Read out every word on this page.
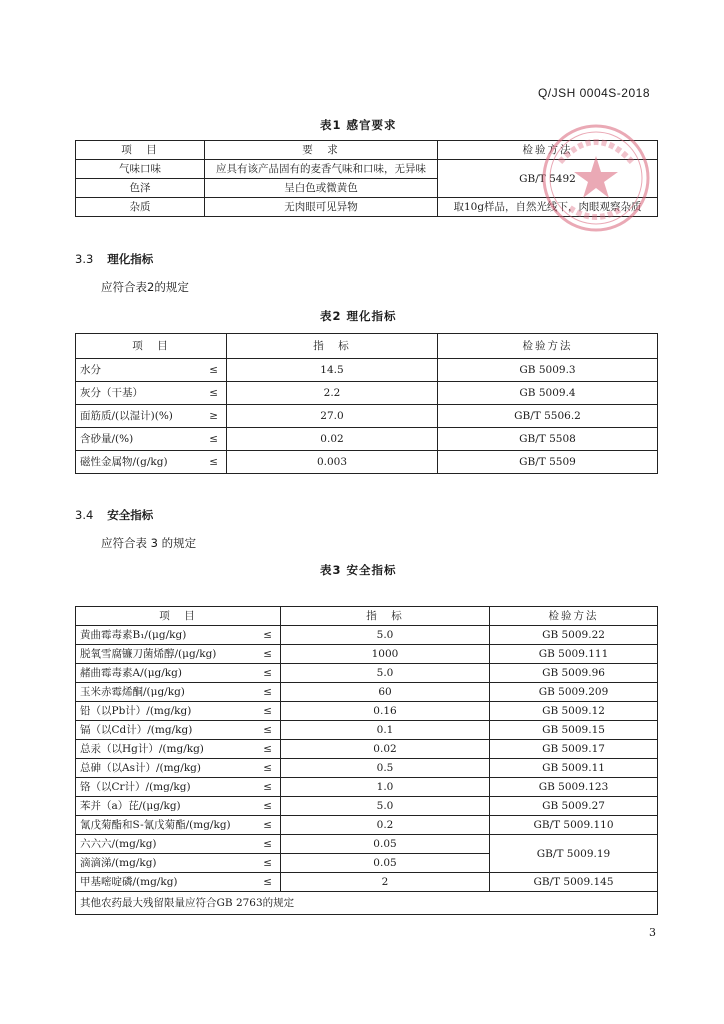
Q/JSH 0004S-2018
表1 感官要求
项　目	要　求	检验方法
气味口味	应具有该产品固有的麦香气味和口味，无异味	GB/T 5492
色泽	呈白色或微黄色	
杂质	无肉眼可见异物	取10g样品，自然光线下，肉眼观察杂质
3.3 理化指标
应符合表2的规定
表2 理化指标
项　目	指　标	检验方法
水分 ≤	14.5	GB 5009.3
灰分（干基） ≤	2.2	GB 5009.4
面筋质/(以湿计)(%) ≥	27.0	GB/T 5506.2
含砂量/(%) ≤	0.02	GB/T 5508
磁性金属物/(g/kg) ≤	0.003	GB/T 5509
3.4 安全指标
应符合表 3 的规定
表3 安全指标
项　目	指　标	检验方法
黄曲霉毒素B₁/(μg/kg) ≤	5.0	GB 5009.22
脱氧雪腐镰刀菌烯醇/(μg/kg) ≤	1000	GB 5009.111
赭曲霉毒素A/(μg/kg) ≤	5.0	GB 5009.96
玉米赤霉烯酮/(μg/kg) ≤	60	GB 5009.209
铅（以Pb计）/(mg/kg) ≤	0.16	GB 5009.12
镉（以Cd计）/(mg/kg) ≤	0.1	GB 5009.15
总汞（以Hg计）/(mg/kg) ≤	0.02	GB 5009.17
总砷（以As计）/(mg/kg) ≤	0.5	GB 5009.11
铬（以Cr计）/(mg/kg) ≤	1.0	GB 5009.123
苯并（a）芘/(μg/kg) ≤	5.0	GB 5009.27
氰戊菊酯和S-氰戊菊酯/(mg/kg) ≤	0.2	GB/T 5009.110
六六六/(mg/kg) ≤	0.05	GB/T 5009.19
滴滴涕/(mg/kg) ≤	0.05	
甲基嘧啶磷/(mg/kg) ≤	2	GB/T 5009.145
其他农药最大残留限量应符合GB 2763的规定		
3
